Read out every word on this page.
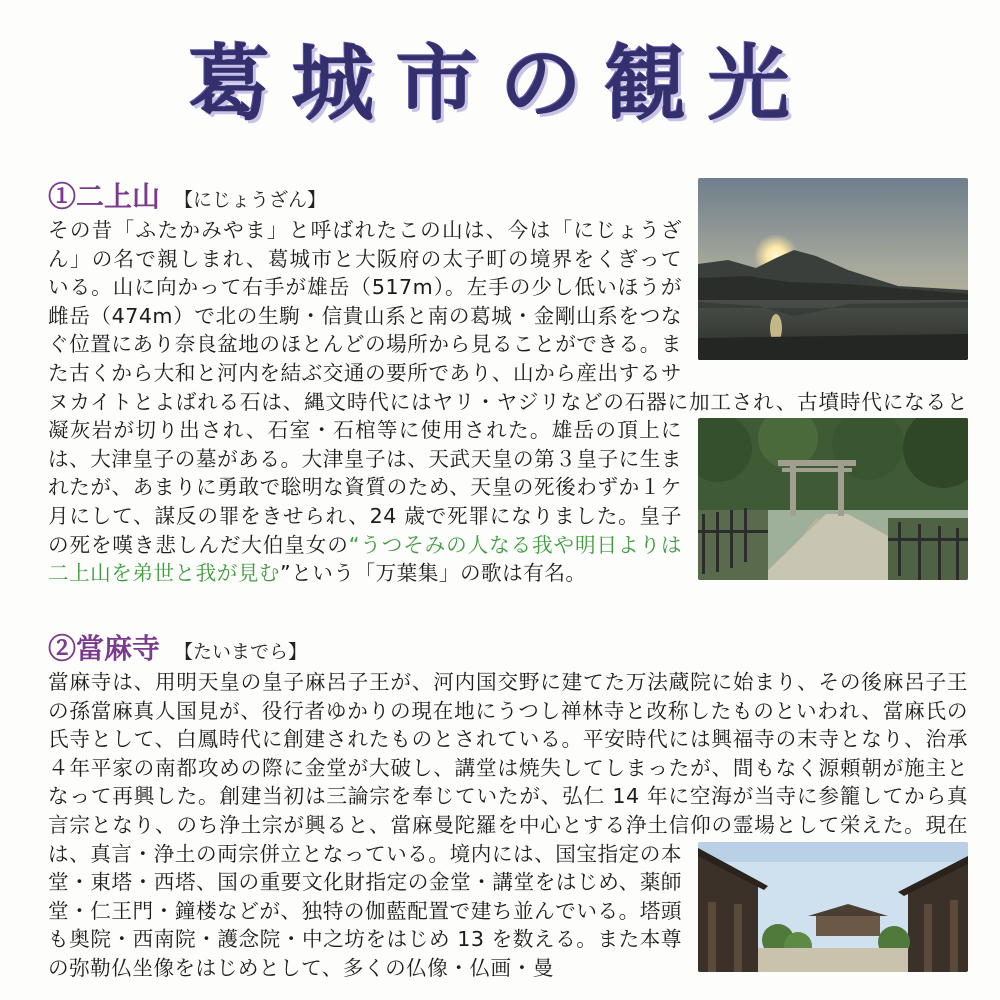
葛城市の観光
①二上山 【にじょうざん】
その昔「ふたかみやま」と呼ばれたこの山は、今は「にじょうざん」の名で親しまれ、葛城市と大阪府の太子町の境界をくぎっている。山に向かって右手が雄岳（517m）。左手の少し低いほうが雌岳（474m）で北の生駒・信貴山系と南の葛城・金剛山系をつなぐ位置にあり奈良盆地のほとんどの場所から見ることができる。また古くから大和と河内を結ぶ交通の要所であり、山から産出するサヌカイトとよばれる石は、縄文時代にはヤリ・ヤジリなどの石器に加工され、古墳時代になると凝灰岩が切り出され、石室・石棺等に使用された。
雄岳の頂上には、大津皇子の墓がある。大津皇子は、天武天皇の第３皇子に生まれたが、あまりに勇敢で聡明な資質のため、天皇の死後わずか１ケ月にして、謀反の罪をきせられ、24 歳で死罪になりました。皇子の死を嘆き悲しんだ大伯皇女の“うつそみの人なる我や明日よりは二上山を弟世と我が見む”という「万葉集」の歌は有名。
②當麻寺 【たいまでら】
當麻寺は、用明天皇の皇子麻呂子王が、河内国交野に建てた万法蔵院に始まり、その後麻呂子王の孫當麻真人国見が、役行者ゆかりの現在地にうつし禅林寺と改称したものといわれ、當麻氏の氏寺として、白鳳時代に創建されたものとされている。平安時代には興福寺の末寺となり、治承４年平家の南都攻めの際に金堂が大破し、講堂は焼失してしまったが、間もなく源頼朝が施主となって再興した。創建当初は三論宗を奉じていたが、弘仁 14 年に空海が当寺に参籠してから真言宗となり、のち浄土宗が興ると、當麻曼陀羅を中心とする浄土信仰の霊場として栄えた。現在は、真言・浄土の両宗併立となっている。
境内には、国宝指定の本堂・東塔・西塔、国の重要文化財指定の金堂・講堂をはじめ、薬師堂・仁王門・鐘楼などが、独特の伽藍配置で建ち並んでいる。塔頭も奥院・西南院・護念院・中之坊をはじめ 13 を数える。また本尊の弥勒仏坐像をはじめとして、多くの仏像・仏画・曼
